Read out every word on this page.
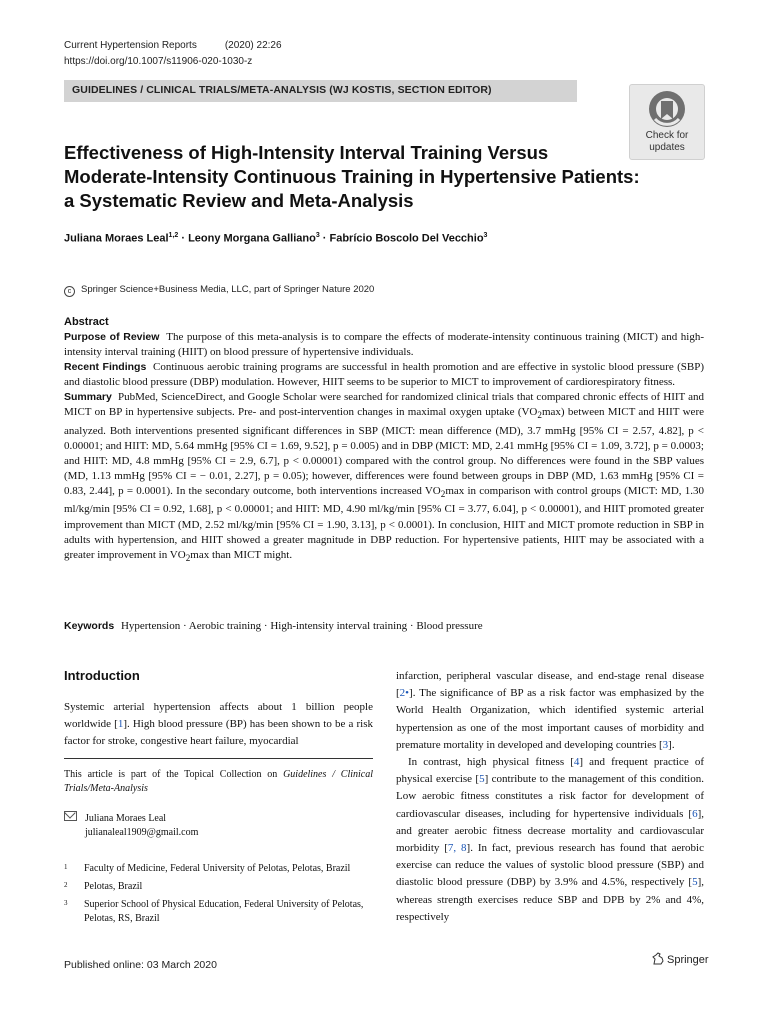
Current Hypertension Reports	(2020) 22:26
https://doi.org/10.1007/s11906-020-1030-z
GUIDELINES / CLINICAL TRIALS/META-ANALYSIS (WJ KOSTIS, SECTION EDITOR)
Check for
updates
Effectiveness of High-Intensity Interval Training Versus
Moderate-Intensity Continuous Training in Hypertensive Patients:
a Systematic Review and Meta-Analysis
Juliana Moraes Leal$^{1,2}$ · Leony Morgana Galliano$^3$ · Fabrício Boscolo Del Vecchio$^3$
c Springer Science+Business Media, LLC, part of Springer Nature 2020
Abstract

Purpose of Review The purpose of this meta-analysis is to compare the effects of moderate-intensity continuous training (MICT) and high-intensity interval training (HIIT) on blood pressure of hypertensive individuals.

Recent Findings Continuous aerobic training programs are successful in health promotion and are effective in systolic blood pressure (SBP) and diastolic blood pressure (DBP) modulation. However, HIIT seems to be superior to MICT to improvement of cardiorespiratory fitness.

Summary PubMed, ScienceDirect, and Google Scholar were searched for randomized clinical trials that compared chronic effects of HIIT and MICT on BP in hypertensive subjects. Pre- and post-intervention changes in maximal oxygen uptake $(VO_2\max)$ between MICT and HIIT were analyzed. Both interventions presented significant differences in SBP (MICT: mean difference (MD), 3.7 mmHg [95% CI = 2.57, 4.82], p < 0.00001; and HIIT: MD, 5.64 mmHg [95% CI = 1.69, 9.52], p = 0.005) and in DBP (MICT: MD, 2.41 mmHg [95% CI = 1.09, 3.72], p = 0.0003; and HIIT: MD, 4.8 mmHg [95% CI = 2.9, 6.7], p < 0.00001) compared with the control group. No differences were found in the SBP values (MD, 1.13 mmHg [95% CI = − 0.01, 2.27], p = 0.05); however, differences were found between groups in DBP (MD, 1.63 mmHg [95% CI = 0.83, 2.44], p = 0.0001). In the secondary outcome, both interventions increased $VO_2\max$ in comparison with control groups (MICT: MD, 1.30 ml/kg/min [95% CI = 0.92, 1.68], p < 0.00001; and HIIT: MD, 4.90 ml/kg/min [95% CI = 3.77, 6.04], p < 0.00001), and HIIT promoted greater improvement than MICT (MD, 2.52 ml/kg/min [95% CI = 1.90, 3.13], p < 0.0001). In conclusion, HIIT and MICT promote reduction in SBP in adults with hypertension, and HIIT showed a greater magnitude in DBP reduction. For hypertensive patients, HIIT may be associated with a greater improvement in $VO_2\max$ than MICT might.

Keywords Hypertension · Aerobic training · High-intensity interval training · Blood pressure
Introduction

Systemic arterial hypertension affects about 1 billion people worldwide [1]. High blood pressure (BP) has been shown to be a risk factor for stroke, congestive heart failure, myocardial

This article is part of the Topical Collection on Guidelines / Clinical Trials/Meta-Analysis
Juliana Moraes Leal
julianaleal1909@gmail.com
1 Faculty of Medicine, Federal University of Pelotas, Pelotas, Brazil
2 Pelotas, Brazil
3 Superior School of Physical Education, Federal University of Pelotas, Pelotas, RS, Brazil

infarction, peripheral vascular disease, and end-stage renal disease [2•]. The significance of BP as a risk factor was emphasized by the World Health Organization, which identified systemic arterial hypertension as one of the most important causes of morbidity and premature mortality in developed and developing countries [3].

In contrast, high physical fitness [4] and frequent practice of physical exercise [5] contribute to the management of this condition. Low aerobic fitness constitutes a risk factor for development of cardiovascular diseases, including for hypertensive individuals [6], and greater aerobic fitness decrease mortality and cardiovascular morbidity [7, 8]. In fact, previous research has found that aerobic exercise can reduce the values of systolic blood pressure (SBP) and diastolic blood pressure (DBP) by 3.9% and 4.5%, respectively [5], whereas strength exercises reduce SBP and DPB by 2% and 4%, respectively

Published online: 03 March 2020	Springer
